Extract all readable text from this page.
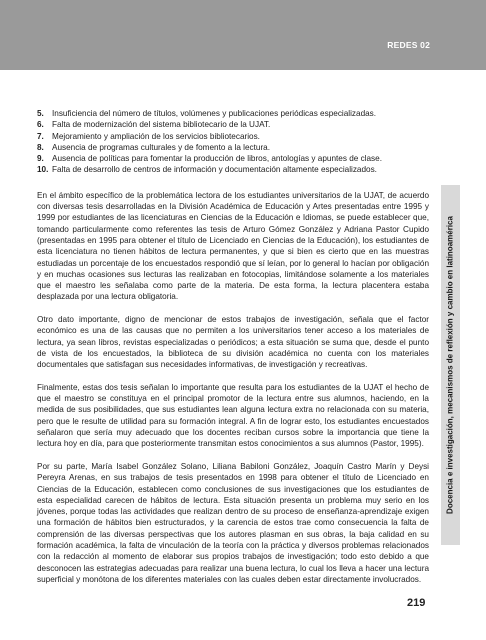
REDES 02
Docencia e investigación, mecanismos de reflexión y cambio en latinoamérica
5. Insuficiencia del número de títulos, volúmenes y publicaciones periódicas especializadas.
6. Falta de modernización del sistema bibliotecario de la UJAT.
7. Mejoramiento y ampliación de los servicios bibliotecarios.
8. Ausencia de programas culturales y de fomento a la lectura.
9. Ausencia de políticas para fomentar la producción de libros, antologías y apuntes de clase.
10. Falta de desarrollo de centros de información y documentación altamente especializados.

En el ámbito específico de la problemática lectora de los estudiantes universitarios de la UJAT, de acuerdo con diversas tesis desarrolladas en la División Académica de Educación y Artes presentadas entre 1995 y 1999 por estudiantes de las licenciaturas en Ciencias de la Educación e Idiomas, se puede establecer que, tomando particularmente como referentes las tesis de Arturo Gómez González y Adriana Pastor Cupido (presentadas en 1995 para obtener el título de Licenciado en Ciencias de la Educación), los estudiantes de esta licenciatura no tienen hábitos de lectura permanentes, y que si bien es cierto que en las muestras estudiadas un porcentaje de los encuestados respondió que sí leían, por lo general lo hacían por obligación y en muchas ocasiones sus lecturas las realizaban en fotocopias, limitándose solamente a los materiales que el maestro les señalaba como parte de la materia. De esta forma, la lectura placentera estaba desplazada por una lectura obligatoria.

Otro dato importante, digno de mencionar de estos trabajos de investigación, señala que el factor económico es una de las causas que no permiten a los universitarios tener acceso a los materiales de lectura, ya sean libros, revistas especializadas o periódicos; a esta situación se suma que, desde el punto de vista de los encuestados, la biblioteca de su división académica no cuenta con los materiales documentales que satisfagan sus necesidades informativas, de investigación y recreativas.

Finalmente, estas dos tesis señalan lo importante que resulta para los estudiantes de la UJAT el hecho de que el maestro se constituya en el principal promotor de la lectura entre sus alumnos, haciendo, en la medida de sus posibilidades, que sus estudiantes lean alguna lectura extra no relacionada con su materia, pero que le resulte de utilidad para su formación integral. A fin de lograr esto, los estudiantes encuestados señalaron que sería muy adecuado que los docentes reciban cursos sobre la importancia que tiene la lectura hoy en día, para que posteriormente transmitan estos conocimientos a sus alumnos (Pastor, 1995).

Por su parte, María Isabel González Solano, Liliana Babiloni González, Joaquín Castro Marín y Deysi Pereyra Arenas, en sus trabajos de tesis presentados en 1998 para obtener el título de Licenciado en Ciencias de la Educación, establecen como conclusiones de sus investigaciones que los estudiantes de esta especialidad carecen de hábitos de lectura. Esta situación presenta un problema muy serio en los jóvenes, porque todas las actividades que realizan dentro de su proceso de enseñanza-aprendizaje exigen una formación de hábitos bien estructurados, y la carencia de estos trae como consecuencia la falta de comprensión de las diversas perspectivas que los autores plasman en sus obras, la baja calidad en su formación académica, la falta de vinculación de la teoría con la práctica y diversos problemas relacionados con la redacción al momento de elaborar sus propios trabajos de investigación; todo esto debido a que desconocen las estrategias adecuadas para realizar una buena lectura, lo cual los lleva a hacer una lectura superficial y monótona de los diferentes materiales con las cuales deben estar directamente involucrados.

219
